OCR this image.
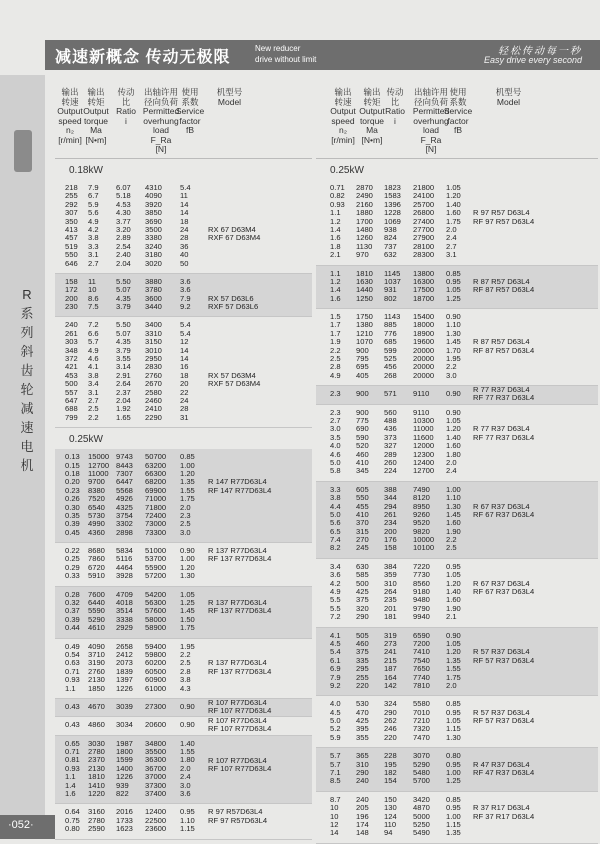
减速新概念 传动无极限
New reducer
drive without limit
轻松传动每一秒
Easy drive every second
R系列斜齿轮减速电机
·052·
输出
转速
Output
speed
n₂
[r/min]
输出
转矩
Output
torque
Ma
[N•m]
传动
比
Ratio
i
出轴许用
径向负荷
Permitted
overhung
load
F_Ra
[N]
使用
系数
Service
factor
fB
机型号
Model
0.18kW
218 7.9 6.07 4310 5.4
255 6.7 5.18 4090 11
292 5.9 4.53 3920 14
307 5.6 4.30 3850 14
350 4.9 3.77 3690 18
413 4.2 3.20 3500 24
457 3.8 2.89 3380 28
519 3.3 2.54 3240 36
550 3.1 2.40 3180 40
646 2.7 2.04 3020 50
RX 67 D63M4
RXF 67 D63M4
158 11	5.50 3880 3.6
172 10	5.07 3780 3.6
200 8.6 4.35 3600 7.9
230 7.5 3.79 3440 9.2
RX 57 D63L6
RXF 57 D63L6
240 7.2 5.50 3400 5.4
261 6.6 5.07 3310 5.4
303 5.7 4.35 3150 12
348 4.9 3.79 3010 14
372 4.6 3.55 2950 14
421 4.1 3.14 2830 16
453 3.8 2.91 2760 18
500 3.4 2.64 2670 20
557 3.1 2.37 2580 22
647 2.7 2.04 2460 24
688 2.5 1.92 2410 28
799 2.2 1.65 2290 31
RX 57 D63M4
RXF 57 D63M4
0.25kW
0.13 15000 9743 50700 0.85
0.15 12700 8443 63200 1.00
0.18 11000 7307 66300 1.20
0.20 9700 6447 68200 1.35
0.23 8380 5568 69900 1.55
0.26 7520 4926 71000 1.75
0.30 6540 4325 71800 2.0
0.35 5730 3754 72400 2.3
0.39 4990 3302 73000 2.5
0.45 4360 2898 73300 3.0
R 147 R77D63L4
RF 147 R77D63L4
0.22 8680 5834 51000 0.90
0.25 7860 5116 53700 1.00
0.29 6720 4464 55900 1.20
0.33 5910 3928 57200 1.30
R 137 R77D63L4
RF 137 R77D63L4
0.28 7600 4709 54200 1.05
0.32 6440 4018 56300 1.25
0.37 5590 3514 57600 1.45
0.39 5290 3338 58000 1.50
0.44 4610 2929 58900 1.75
R 137 R77D63L4
RF 137 R77D63L4
0.49 4090 2658 59400 1.95
0.54 3710 2412 59800 2.2
0.63 3190 2073 60200 2.5
0.71 2760 1839 60500 2.8
0.93 2130 1397 60900 3.8
1.1 1850 1226 61000 4.3
R 137 R77D63L4
RF 137 R77D63L4
0.43 4670 3039 27300 0.90 R 107 R77D63L4
RF 107 R77D63L4
0.43 4860 3034 20600 0.90 R 107 R77D63L4
RF 107 R77D63L4
0.65 3030 1987 34800 1.40
0.71 2780 1800 35500 1.55
0.81 2370 1599 36300 1.80
0.93 2130 1400 36700 2.0
1.1 1810 1226 37000 2.4
1.4 1410 939 37300 3.0
1.6 1220 822 37400 3.6
R 107 R77D63L4
RF 107 R77D63L4
0.64 3160 2016 12400 0.95
0.75 2780 1733 22500 1.10
0.80 2590 1623 23600 1.15
R 97 R57D63L4
RF 97 R57D63L4
输出
转速
Output
speed
n₂
[r/min]
输出
转矩
Output
torque
Ma
[N•m]
传动
比
Ratio
i
出轴许用
径向负荷
Permitted
overhung
load
F_Ra
[N]
使用
系数
Service
factor
fB
机型号
Model
0.25kW
0.71 2870 1823 21800 1.05
0.82 2490 1583 24100 1.20
0.93 2160 1396 25700 1.40
1.1 1880 1228 26800 1.60
1.2 1700 1069 27400 1.75
1.4 1480 938 27700 2.0
1.6 1260 824 27900 2.4
1.8 1130 737 28100 2.7
2.1 970 632 28300 3.1
R 97 R57 D63L4
RF 97 R57 D63L4
1.1 1810 1145 13800 0.85
1.2 1630 1037 16300 0.95
1.4 1440 931 17500 1.05
1.6 1250 802 18700 1.25
R 87 R57 D63L4
RF 87 R57 D63L4
1.5 1750 1143 15400 0.90
1.7 1380 885 18000 1.10
1.7 1210 776 18900 1.30
1.9 1070 685 19600 1.45
2.2 900 599 20000 1.70
2.5 795 525 20000 1.95
2.8 695 456 20000 2.2
4.9 405 268 20000 3.0
R 87 R57 D63L4
RF 87 R57 D63L4
2.3 900 571 9110 0.90 R 77 R37 D63L4
RF 77 R37 D63L4
2.3 900 560 9110 0.90
2.7 775 488 10300 1.05
3.0 690 436 11000 1.20
3.5 590 373 11600 1.40
4.0 520 327 12000 1.60
4.6 460 289 12300 1.80
5.0 410 260 12400 2.0
5.8 345 224 12700 2.4
R 77 R37 D63L4
RF 77 R37 D63L4
3.3 605 388 7490 1.00
3.8 550 344 8120 1.10
4.4 455 294 8950 1.30
5.0 410 261 9260 1.45
5.6 370 234 9520 1.60
6.5 315 200 9820 1.90
7.4 270 176 10000 2.2
8.2 245 158 10100 2.5
R 67 R37 D63L4
RF 67 R37 D63L4
3.4 630 384 7220 0.95
3.6 585 359 7730 1.05
4.2 500 310 8560 1.20
4.9 425 264 9180 1.40
5.5 375 235 9480 1.60
5.5 320 201 9790 1.90
7.2 290 181 9940 2.1
R 67 R37 D63L4
RF 67 R37 D63L4
4.1 505 319 6590 0.90
4.5 460 273 7200 1.05
5.4 375 241 7410 1.20
6.1 335 215 7540 1.35
6.9 295 187 7650 1.55
7.9 255 164 7740 1.75
9.2 220 142 7810 2.0
R 57 R37 D63L4
RF 57 R37 D63L4
4.0 530 324 5580 0.85
4.5 470 290 7010 0.95
5.0 425 262 7210 1.05
5.2 395 246 7320 1.15
5.9 355 220 7470 1.30
R 57 R37 D63L4
RF 57 R37 D63L4
5.7 365 228 3070 0.80
5.7 310 195 5290 0.95
7.1 290 182 5480 1.00
8.5 240 154 5700 1.25
R 47 R37 D63L4
RF 47 R37 D63L4
8.7 240 150 3420 0.85
10 205 130 4870 0.95
10 196 124 5000 1.00
12 174 110 5250 1.15
14 148 94	5490 1.35
R 37 R17 D63L4
RF 37 R17 D63L4
